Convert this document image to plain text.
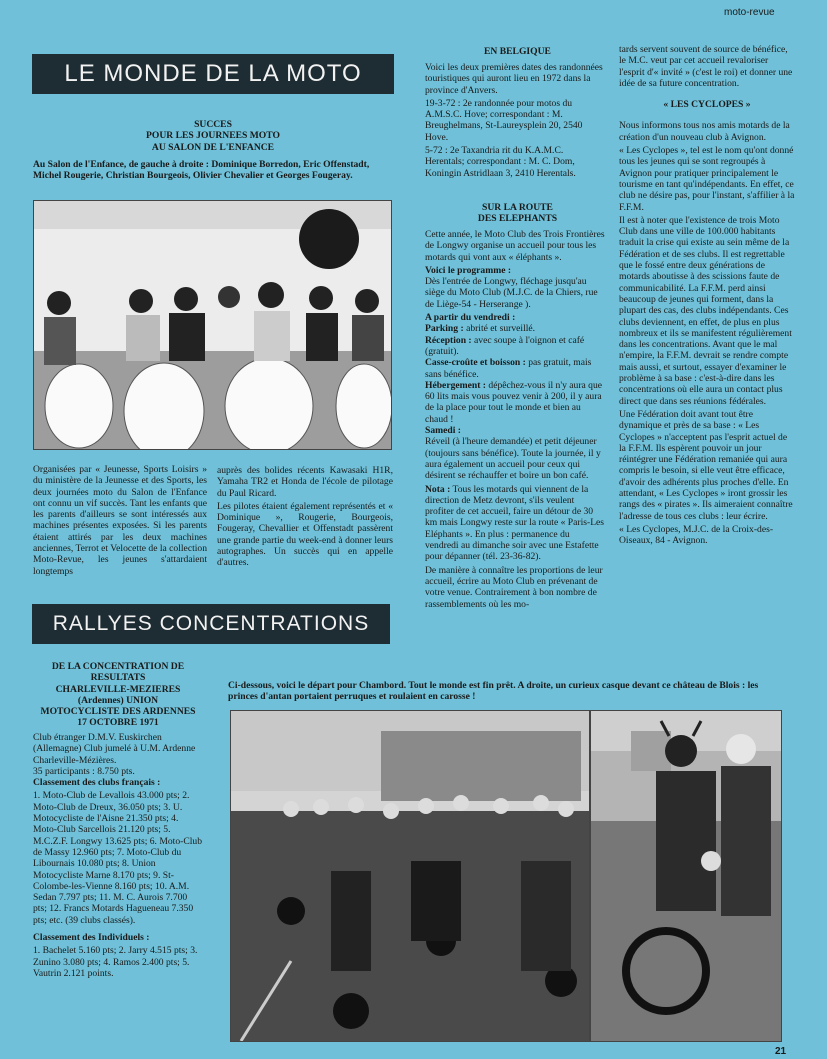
moto-revue
LE MONDE DE LA MOTO
SUCCES
POUR LES JOURNEES MOTO
AU SALON DE L'ENFANCE
Au Salon de l'Enfance, de gauche à droite : Dominique Borredon, Eric Offenstadt, Michel Rougerie, Christian Bourgeois, Olivier Chevalier et Georges Fougeray.
Organisées par « Jeunesse, Sports Loisirs » du ministère de la Jeunesse et des Sports, les deux journées moto du Salon de l'Enfance ont connu un vif succès. Tant les enfants que les parents d'ailleurs se sont intéressés aux machines présentes exposées. Si les parents étaient attirés par les deux machines anciennes, Terrot et Velocette de la collection Moto-Revue, les jeunes s'attardaient longtemps

auprès des bolides récents Kawasaki H1R, Yamaha TR2 et Honda de l'école de pilotage du Paul Ricard.

Les pilotes étaient également représentés et « Dominique », Rougerie, Bourgeois, Fougeray, Chevallier et Offenstadt passèrent une grande partie du week-end à donner leurs autographes. Un succès qui en appelle d'autres.

RALLYES CONCENTRATIONS
DE LA CONCENTRATION DE
RESULTATS
CHARLEVILLE-MEZIERES
(Ardennes) UNION
MOTOCYCLISTE DES ARDENNES
17 OCTOBRE 1971

Club étranger D.M.V. Euskirchen (Allemagne) Club jumelé à U.M. Ardenne Charleville-Mézières.

35 participants : 8.750 pts.

Classement des clubs français :

1. Moto-Club de Levallois 43.000 pts; 2. Moto-Club de Dreux, 36.050 pts; 3. U. Motocycliste de l'Aisne 21.350 pts; 4. Moto-Club Sarcellois 21.120 pts; 5. M.C.Z.F. Longwy 13.625 pts; 6. Moto-Club de Massy 12.960 pts; 7. Moto-Club du Libournais 10.080 pts; 8. Union Motocycliste Marne 8.170 pts; 9. St-Colombe-les-Vienne 8.160 pts; 10. A.M. Sedan 7.797 pts; 11. M. C. Aurois 7.700 pts; 12. Francs Motards Hagueneau 7.350 pts; etc. (39 clubs classés).

Classement des Individuels :

1. Bachelet 5.160 pts; 2. Jarry 4.515 pts; 3. Zunino 3.080 pts; 4. Ramos 2.400 pts; 5. Vautrin 2.121 points.

EN BELGIQUE

Voici les deux premières dates des randonnées touristiques qui auront lieu en 1972 dans la province d'Anvers.

19-3-72 : 2e randonnée pour motos du A.M.S.C. Hove; correspondant : M. Breughelmans, St-Laureysplein 20, 2540 Hove.

5-72 : 2e Taxandria rit du K.A.M.C. Herentals; correspondant : M. C. Dom, Koningin Astridlaan 3, 2410 Herentals.

SUR LA ROUTE
DES ELEPHANTS

Cette année, le Moto Club des Trois Frontières de Longwy organise un accueil pour tous les motards qui vont aux « éléphants ».

Voici le programme :

Dès l'entrée de Longwy, fléchage jusqu'au siège du Moto Club (M.J.C. de la Chiers, rue de Liège-54 - Herserange ).

A partir du vendredi :
Parking : abrité et surveillé.
Réception : avec soupe à l'oignon et café (gratuit).
Casse-croûte et boisson : pas gratuit, mais sans bénéfice.
Hébergement : dépêchez-vous il n'y aura que 60 lits mais vous pouvez venir à 200, il y aura de la place pour tout le monde et bien au chaud !
Samedi :

Réveil (à l'heure demandée) et petit déjeuner (toujours sans bénéfice). Toute la journée, il y aura également un accueil pour ceux qui désirent se réchauffer et boire un bon café.

Nota : Tous les motards qui viennent de la direction de Metz devront, s'ils veulent profiter de cet accueil, faire un détour de 30 km mais Longwy reste sur la route « Paris-Les Eléphants ». En plus : permanence du vendredi au dimanche soir avec une Estafette pour dépanner (tél. 23-36-82).

De manière à connaître les proportions de leur accueil, écrire au Moto Club en prévenant de votre venue. Contrairement à bon nombre de rassemblements où les mo-

tards servent souvent de source de bénéfice, le M.C. veut par cet accueil revaloriser l'esprit d'« invité » (c'est le roi) et donner une idée de sa future concentration.

« LES CYCLOPES »

Nous informons tous nos amis motards de la création d'un nouveau club à Avignon.

« Les Cyclopes », tel est le nom qu'ont donné tous les jeunes qui se sont regroupés à Avignon pour pratiquer principalement le tourisme en tant qu'indépendants. En effet, ce club ne désire pas, pour l'instant, s'affilier à la F.F.M.

Il est à noter que l'existence de trois Moto Club dans une ville de 100.000 habitants traduit la crise qui existe au sein même de la Fédération et de ses clubs. Il est regrettable que le fossé entre deux générations de motards aboutisse à des scissions faute de communicabilité. La F.F.M. perd ainsi beaucoup de jeunes qui forment, dans la plupart des cas, des clubs indépendants. Ces clubs deviennent, en effet, de plus en plus nombreux et ils se manifestent régulièrement dans les concentrations. Avant que le mal n'empire, la F.F.M. devrait se rendre compte mais aussi, et surtout, essayer d'examiner le problème à sa base : c'est-à-dire dans les concentrations où elle aura un contact plus direct que dans ses réunions fédérales.

Une Fédération doit avant tout être dynamique et près de sa base : « Les Cyclopes » n'acceptent pas l'esprit actuel de la F.F.M. Ils espèrent pouvoir un jour réintégrer une Fédération remaniée qui aura compris le besoin, si elle veut être efficace, d'avoir des adhérents plus proches d'elle. En attendant, « Les Cyclopes » iront grossir les rangs des « pirates ». Ils aimeraient connaître l'adresse de tous ces clubs : leur écrire.

« Les Cyclopes, M.J.C. de la Croix-des-Oiseaux, 84 - Avignon.

Ci-dessous, voici le départ pour Chambord. Tout le monde est fin prêt. A droite, un curieux casque devant ce château de Blois : les princes d'antan portaient perruques et roulaient en carosse !
21
